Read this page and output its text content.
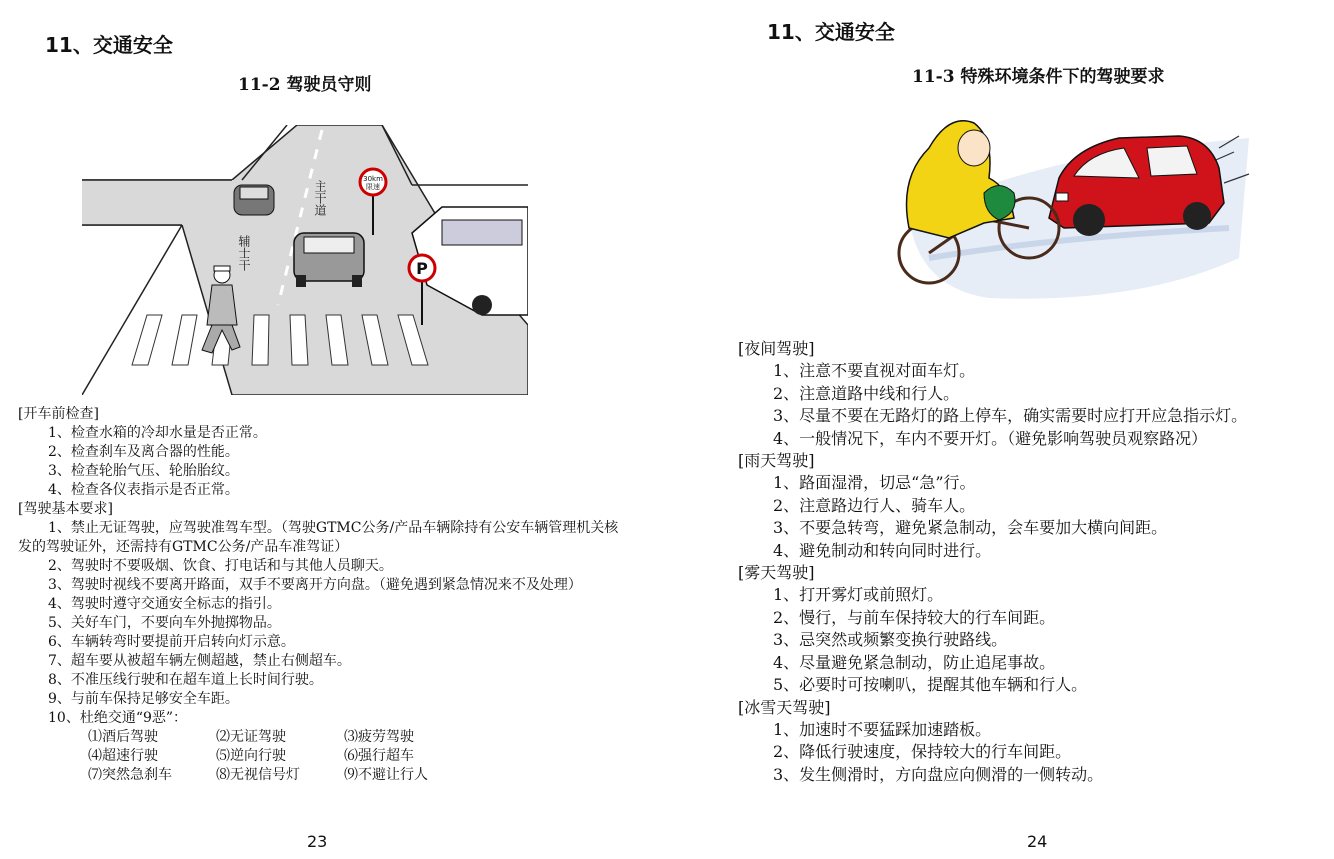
11、交通安全
11-2 驾驶员守则
主干道
辅士干
30km
限速
P
[开车前检查]
1、检查水箱的冷却水量是否正常。
2、检查刹车及离合器的性能。
3、检查轮胎气压、轮胎胎纹。
4、检查各仪表指示是否正常。
[驾驶基本要求]
1、禁止无证驾驶，应驾驶准驾车型。（驾驶GTMC公务/产品车辆除持有公安车辆管理机关核发的驾驶证外，还需持有GTMC公务/产品车准驾证）
2、驾驶时不要吸烟、饮食、打电话和与其他人员聊天。
3、驾驶时视线不要离开路面，双手不要离开方向盘。（避免遇到紧急情况来不及处理）
4、驾驶时遵守交通安全标志的指引。
5、关好车门，不要向车外抛掷物品。
6、车辆转弯时要提前开启转向灯示意。
7、超车要从被超车辆左侧超越，禁止右侧超车。
8、不准压线行驶和在超车道上长时间行驶。
9、与前车保持足够安全车距。
10、杜绝交通“9恶”：
⑴酒后驾驶	⑵无证驾驶	⑶疲劳驾驶
⑷超速行驶	⑸逆向行驶	⑹强行超车
⑺突然急刹车	⑻无视信号灯	⑼不避让行人

23

11、交通安全
11-3 特殊环境条件下的驾驶要求
[夜间驾驶]
1、注意不要直视对面车灯。
2、注意道路中线和行人。
3、尽量不要在无路灯的路上停车，确实需要时应打开应急指示灯。
4、一般情况下，车内不要开灯。（避免影响驾驶员观察路况）
[雨天驾驶]
1、路面湿滑，切忌“急”行。
2、注意路边行人、骑车人。
3、不要急转弯，避免紧急制动，会车要加大横向间距。
4、避免制动和转向同时进行。
[雾天驾驶]
1、打开雾灯或前照灯。
2、慢行，与前车保持较大的行车间距。
3、忌突然或频繁变换行驶路线。
4、尽量避免紧急制动，防止追尾事故。
5、必要时可按喇叭，提醒其他车辆和行人。
[冰雪天驾驶]
1、加速时不要猛踩加速踏板。
2、降低行驶速度，保持较大的行车间距。
3、发生侧滑时，方向盘应向侧滑的一侧转动。

24
